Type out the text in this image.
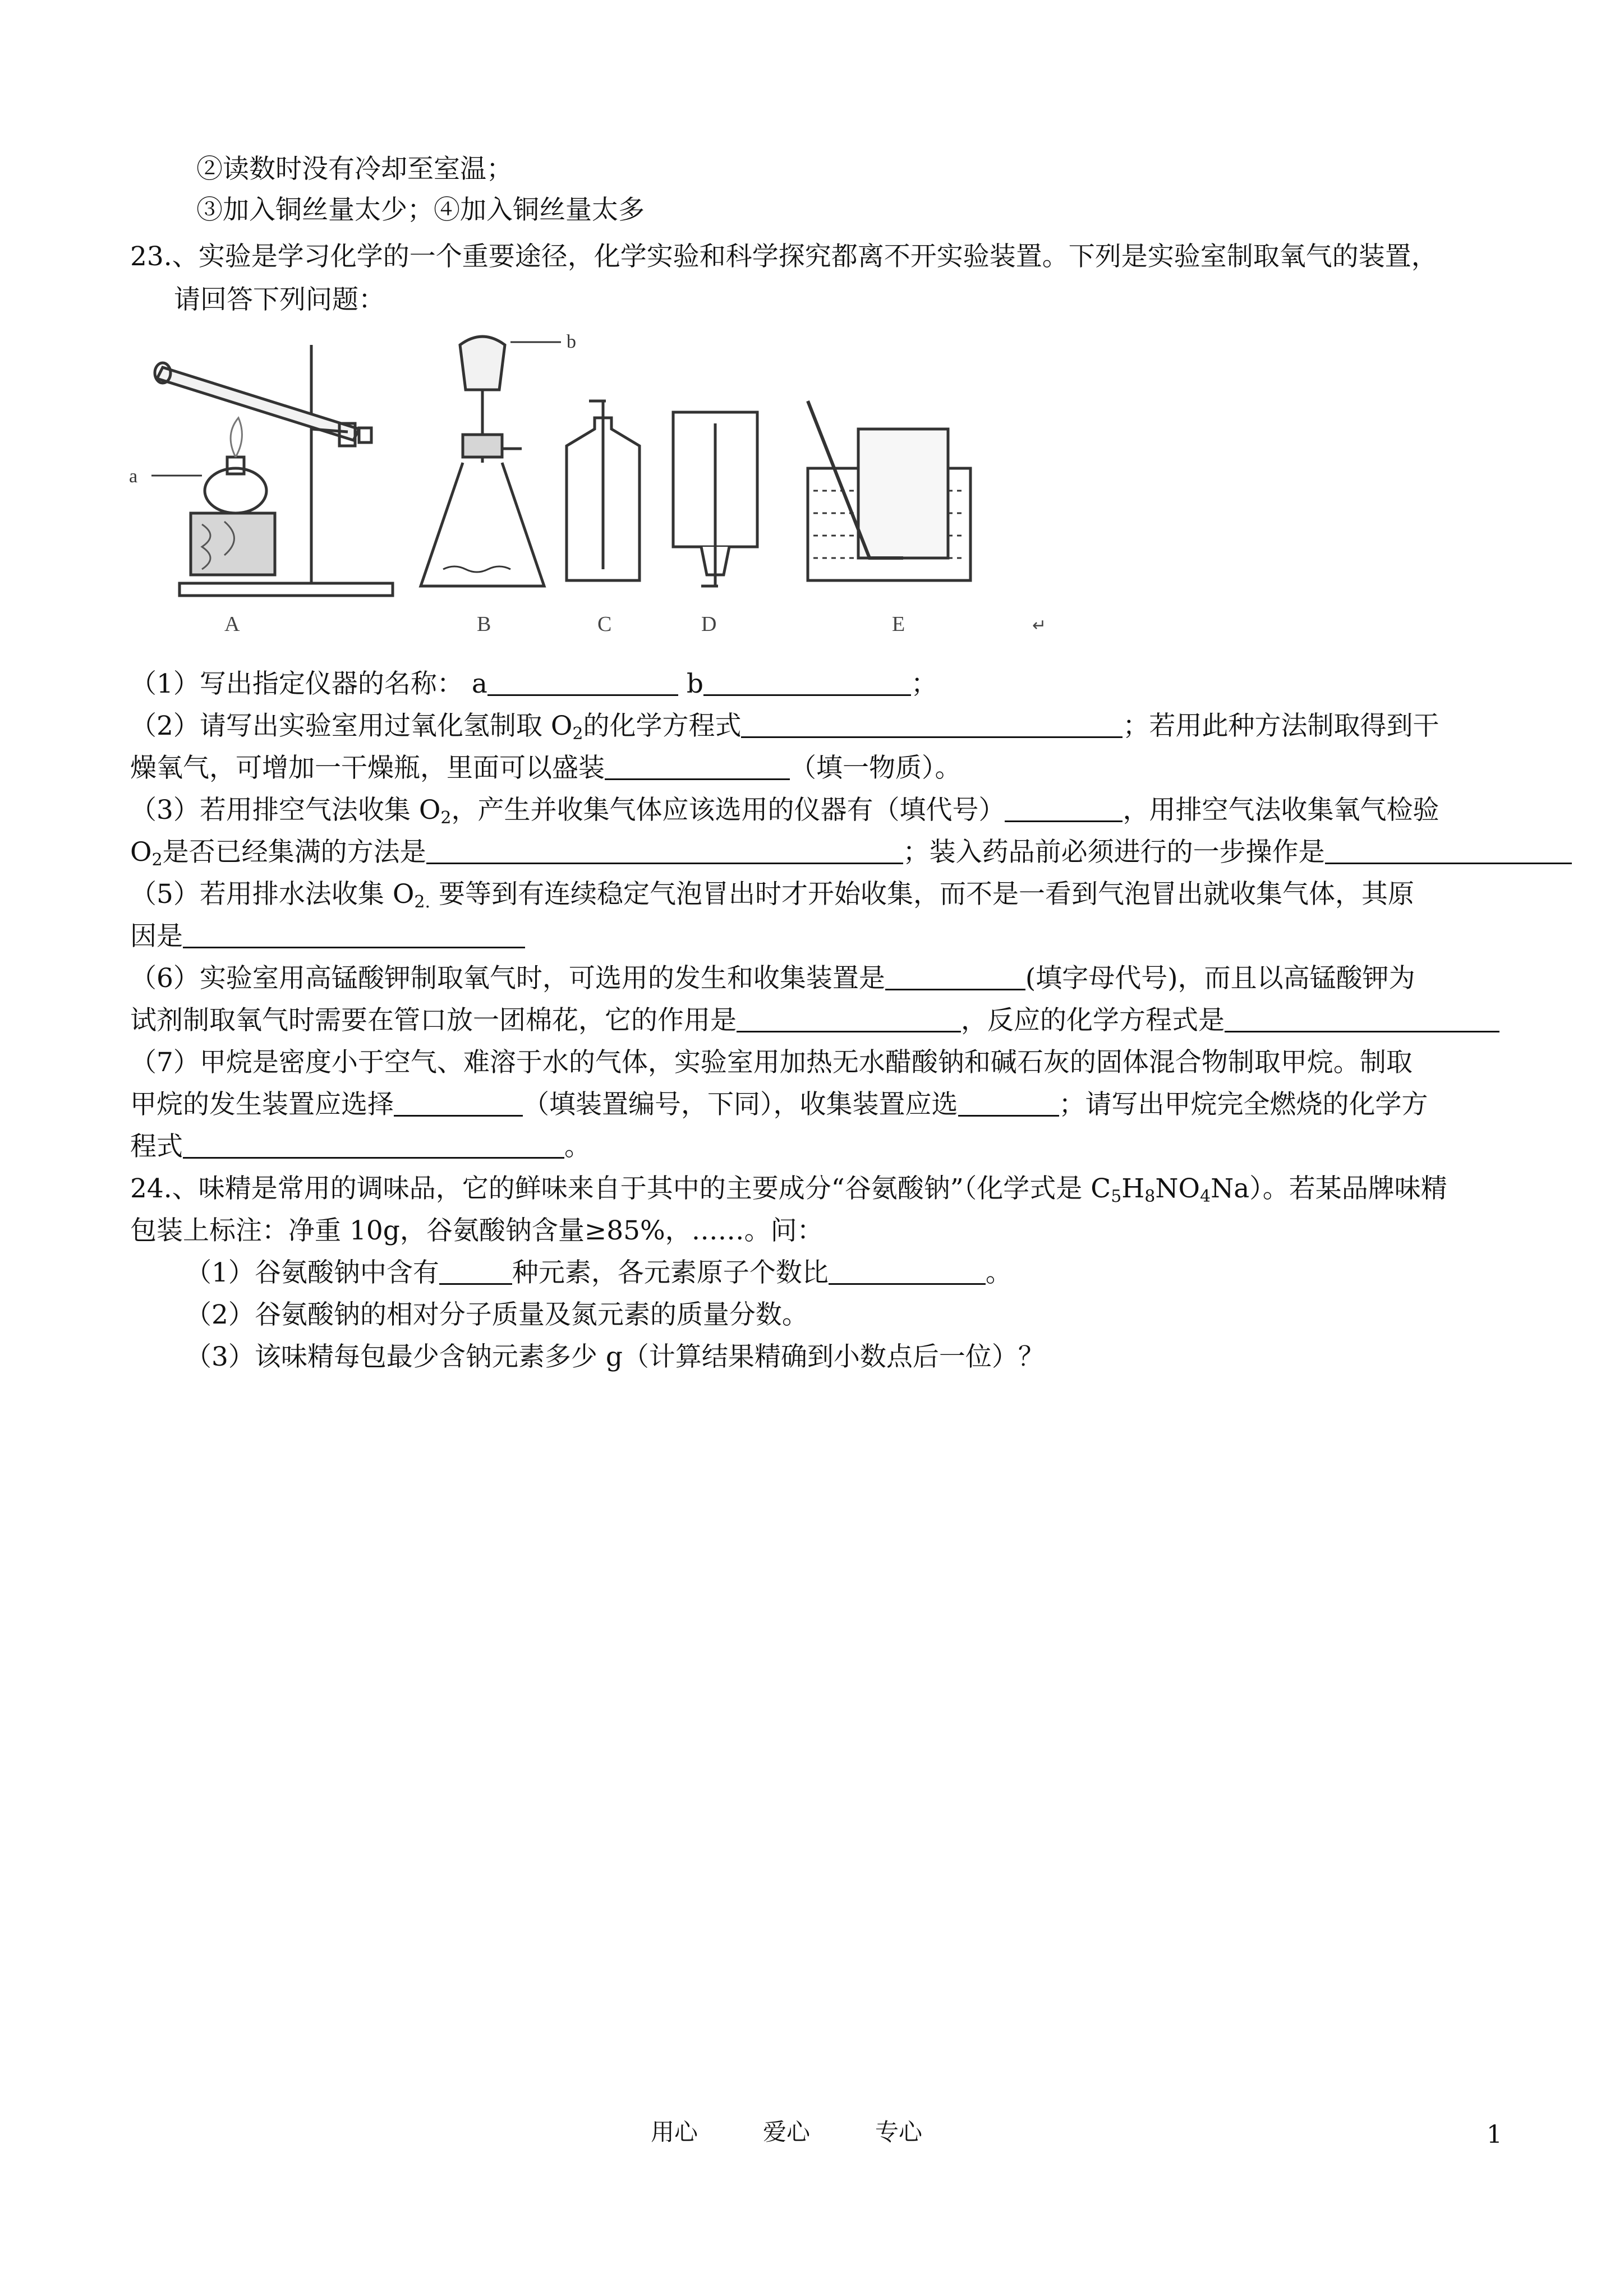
②读数时没有冷却至室温；
③加入铜丝量太少；④加入铜丝量太多
23.、实验是学习化学的一个重要途径，化学实验和科学探究都离不开实验装置。下列是实验室制取氧气的装置，
请回答下列问题：
a
b
A	B	C	D	E	↵
（1）写出指定仪器的名称： a	b	；
（2）请写出实验室用过氧化氢制取 $O_2$的化学方程式	；若用此种方法制取得到干
燥氧气，可增加一干燥瓶，里面可以盛装	（填一物质）。
（3）若用排空气法收集 $O_2$，产生并收集气体应该选用的仪器有（填代号）	，用排空气法收集氧气检验
$O_2$是否已经集满的方法是	；装入药品前必须进行的一步操作是
（5）若用排水法收集 $O_{2.}$ 要等到有连续稳定气泡冒出时才开始收集，而不是一看到气泡冒出就收集气体，其原
因是
（6）实验室用高锰酸钾制取氧气时，可选用的发生和收集装置是	(填字母代号)，而且以高锰酸钾为
试剂制取氧气时需要在管口放一团棉花，它的作用是	，反应的化学方程式是
（7）甲烷是密度小于空气、难溶于水的气体，实验室用加热无水醋酸钠和碱石灰的固体混合物制取甲烷。制取
甲烷的发生装置应选择	（填装置编号，下同），收集装置应选	；请写出甲烷完全燃烧的化学方
程式	。
24.、味精是常用的调味品，它的鲜味来自于其中的主要成分“谷氨酸钠”（化学式是 $C_5H_8NO_4Na$）。若某品牌味精
包装上标注：净重 10g，谷氨酸钠含量≥85%，……。问：
（1）谷氨酸钠中含有	种元素，各元素原子个数比	。
（2）谷氨酸钠的相对分子质量及氮元素的质量分数。
（3）该味精每包最少含钠元素多少 g（计算结果精确到小数点后一位）？
用心	爱心	专心	1
